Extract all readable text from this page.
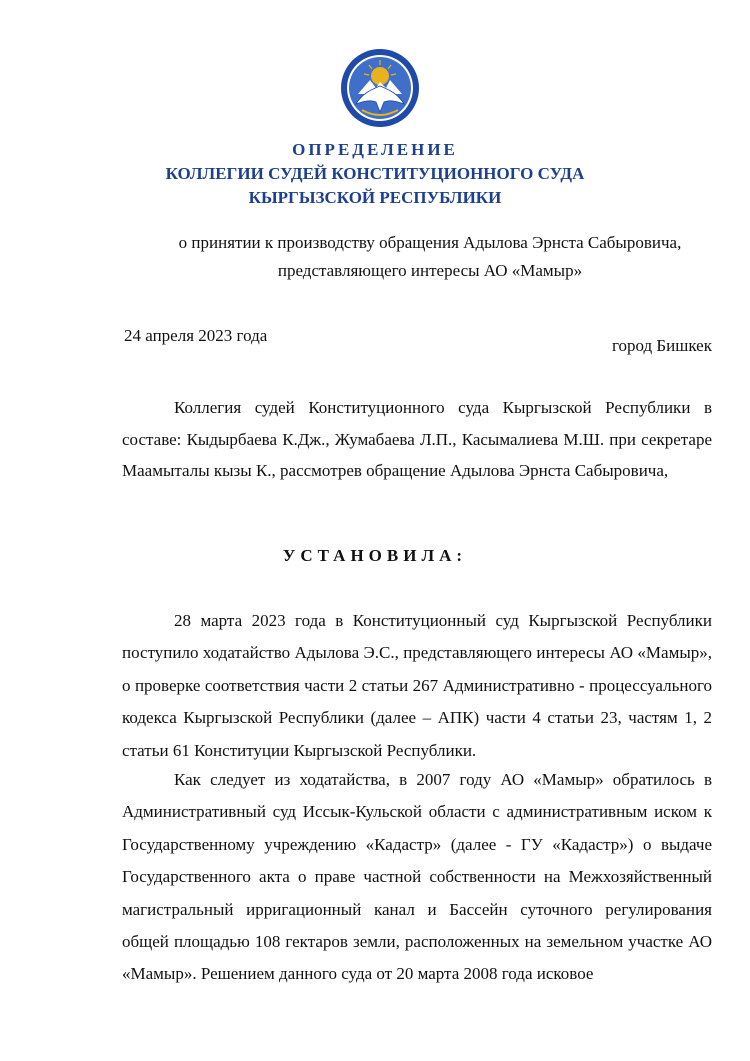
ОПРЕДЕЛЕНИЕ
КОЛЛЕГИИ СУДЕЙ КОНСТИТУЦИОННОГО СУДА
КЫРГЫЗСКОЙ РЕСПУБЛИКИ
о принятии к производству обращения Адылова Эрнста Сабыровича,
представляющего интересы АО «Мамыр»
24 апреля 2023 года
город Бишкек

Коллегия судей Конституционного суда Кыргызской Республики в составе: Кыдырбаева К.Дж., Жумабаева Л.П., Касымалиева М.Ш. при секретаре Маамыталы кызы К., рассмотрев обращение Адылова Эрнста Сабыровича,

УСТАНОВИЛА:

28 марта 2023 года в Конституционный суд Кыргызской Республики поступило ходатайство Адылова Э.С., представляющего интересы АО «Мамыр», о проверке соответствия части 2 статьи 267 Административно - процессуального кодекса Кыргызской Республики (далее – АПК) части 4 статьи 23, частям 1, 2 статьи 61 Конституции Кыргызской Республики.

Как следует из ходатайства, в 2007 году АО «Мамыр» обратилось в Административный суд Иссык-Кульской области с административным иском к Государственному учреждению «Кадастр» (далее - ГУ «Кадастр») о выдаче Государственного акта о праве частной собственности на Межхозяйственный магистральный ирригационный канал и Бассейн суточного регулирования общей площадью 108 гектаров земли, расположенных на земельном участке АО «Мамыр». Решением данного суда от 20 марта 2008 года исковое
